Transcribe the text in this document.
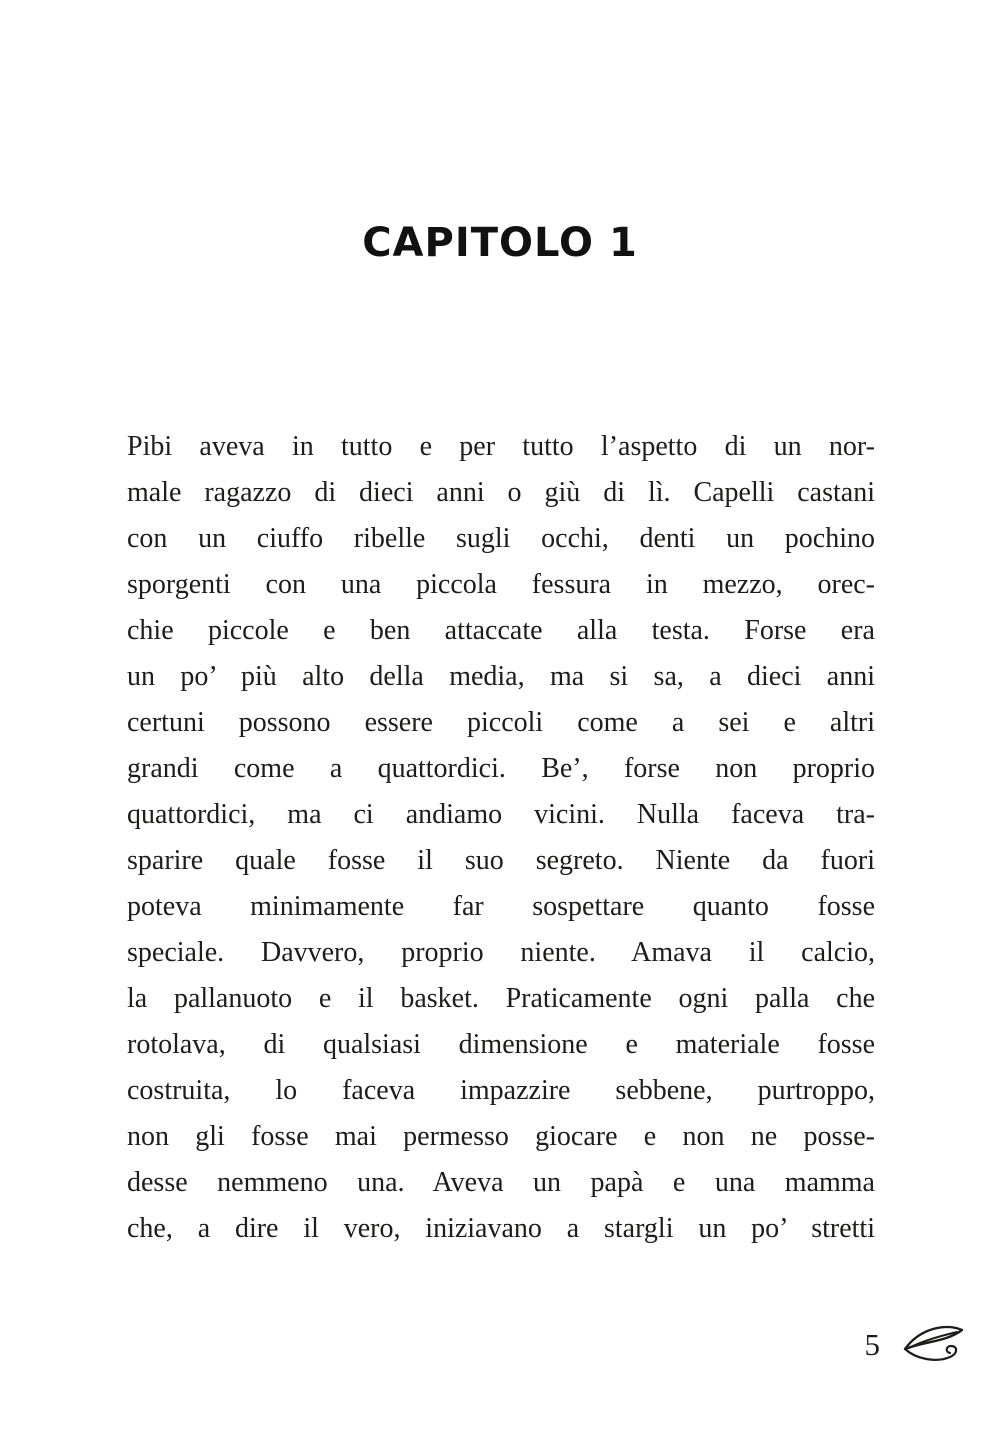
CAPITOLO 1
Pibi aveva in tutto e per tutto l’aspetto di un nor-
male ragazzo di dieci anni o giù di lì. Capelli castani
con un ciuffo ribelle sugli occhi, denti un pochino
sporgenti con una piccola fessura in mezzo, orec-
chie piccole e ben attaccate alla testa. Forse era
un po’ più alto della media, ma si sa, a dieci anni
certuni possono essere piccoli come a sei e altri
grandi come a quattordici. Be’, forse non proprio
quattordici, ma ci andiamo vicini. Nulla faceva tra-
sparire quale fosse il suo segreto. Niente da fuori
poteva minimamente far sospettare quanto fosse
speciale. Davvero, proprio niente. Amava il calcio,
la pallanuoto e il basket. Praticamente ogni palla che
rotolava, di qualsiasi dimensione e materiale fosse
costruita, lo faceva impazzire sebbene, purtroppo,
non gli fosse mai permesso giocare e non ne posse-
desse nemmeno una. Aveva un papà e una mamma
che, a dire il vero, iniziavano a stargli un po’ stretti
5
